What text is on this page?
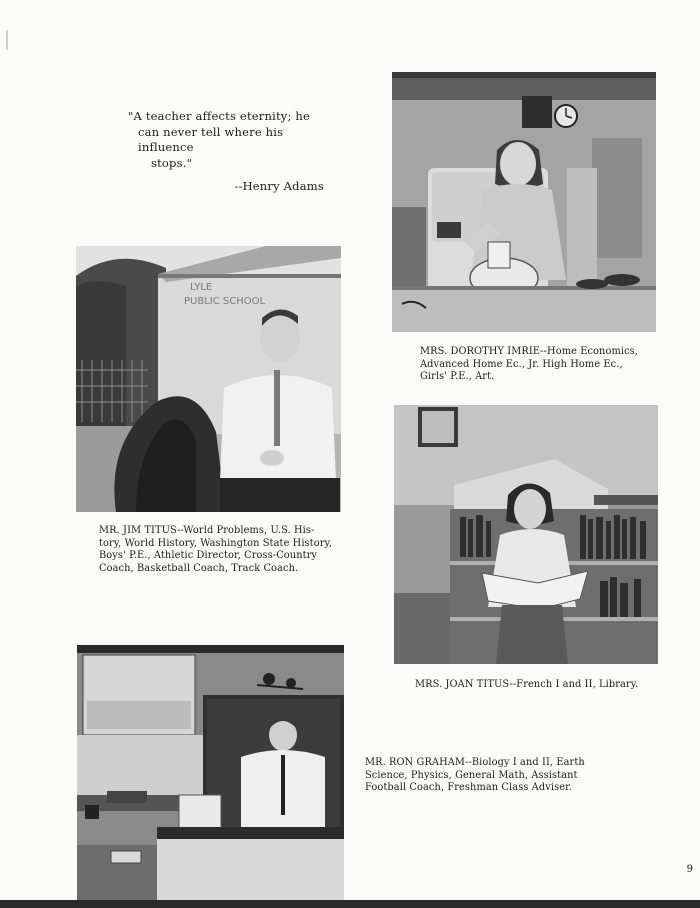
"A teacher affects eternity; he
can never tell where his influence
stops."
--Henry Adams
MRS. DOROTHY IMRIE--Home Economics,
Advanced Home Ec., Jr. High Home Ec.,
Girls' P.E., Art.
LYLE
PUBLIC SCHOOL
MR. JIM TITUS--World Problems, U.S. His-
tory, World History, Washington State History,
Boys' P.E., Athletic Director, Cross-Country
Coach, Basketball Coach, Track Coach.
MRS. JOAN TITUS--French I and II, Library.
MR. RON GRAHAM--Biology I and II, Earth
Science, Physics, General Math, Assistant
Football Coach, Freshman Class Adviser.
9
